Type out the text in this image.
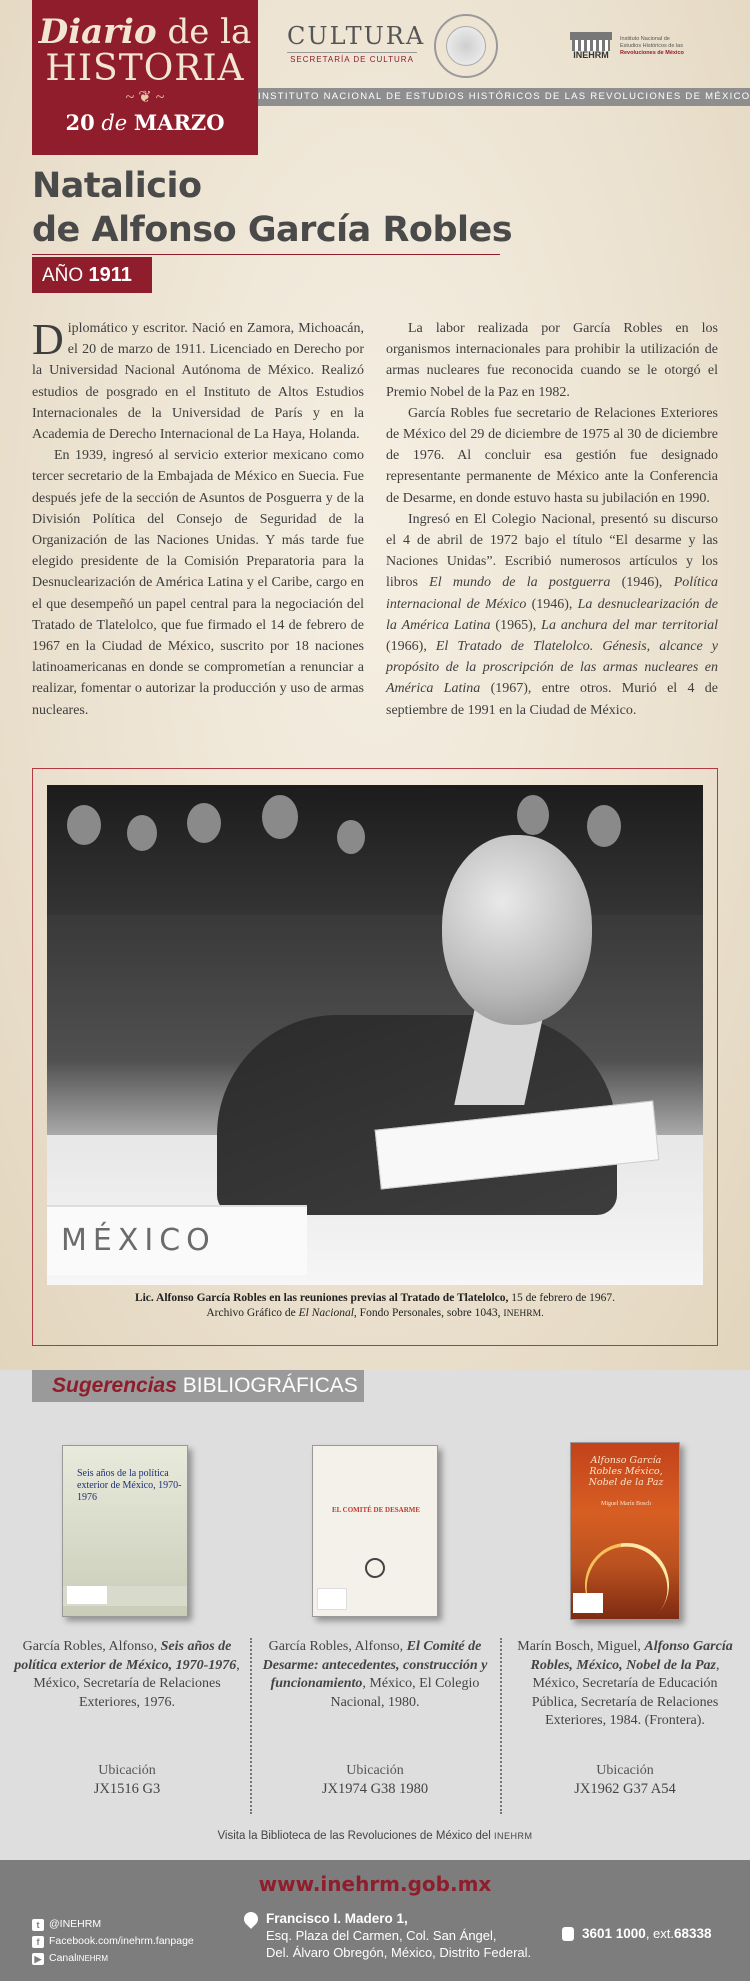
Diario de la
HISTORIA
~ ❦ ~
20 de MARZO
CULTURA
SECRETARÍA DE CULTURA	INEHRM
Instituto Nacional de
Estudios Históricos de las
Revoluciones de México
INSTITUTO NACIONAL DE ESTUDIOS HISTÓRICOS DE LAS REVOLUCIONES DE MÉXICO
Natalicio
de Alfonso García Robles
AÑO 1911

Diplomático y escritor. Nació en Zamora, Michoacán, el 20 de marzo de 1911. Licenciado en Derecho por la Universidad Nacional Autónoma de México. Realizó estudios de posgrado en el Instituto de Altos Estudios Internacionales de la Universidad de París y en la Academia de Derecho Internacional de La Haya, Holanda.

En 1939, ingresó al servicio exterior mexicano como tercer secretario de la Embajada de México en Suecia. Fue después jefe de la sección de Asuntos de Posguerra y de la División Política del Consejo de Seguridad de la Organización de las Naciones Unidas. Y más tarde fue elegido presidente de la Comisión Preparatoria para la Desnuclearización de América Latina y el Caribe, cargo en el que desempeñó un papel central para la negociación del Tratado de Tlatelolco, que fue firmado el 14 de febrero de 1967 en la Ciudad de México, suscrito por 18 naciones latinoamericanas en donde se comprometían a renunciar a realizar, fomentar o autorizar la producción y uso de armas nucleares.

La labor realizada por García Robles en los organismos internacionales para prohibir la utilización de armas nucleares fue reconocida cuando se le otorgó el Premio Nobel de la Paz en 1982.

García Robles fue secretario de Relaciones Exteriores de México del 29 de diciembre de 1975 al 30 de diciembre de 1976. Al concluir esa gestión fue designado representante permanente de México ante la Conferencia de Desarme, en donde estuvo hasta su jubilación en 1990.

Ingresó en El Colegio Nacional, presentó su discurso el 4 de abril de 1972 bajo el título “El desarme y las Naciones Unidas”. Escribió numerosos artículos y los libros El mundo de la postguerra (1946), Política internacional de México (1946), La desnuclearización de la América Latina (1965), La anchura del mar territorial (1966), El Tratado de Tlatelolco. Génesis, alcance y propósito de la proscripción de las armas nucleares en América Latina (1967), entre otros. Murió el 4 de septiembre de 1991 en la Ciudad de México.

MÉXICO
Lic. Alfonso García Robles en las reuniones previas al Tratado de Tlatelolco, 15 de febrero de 1967.
Archivo Gráfico de El Nacional, Fondo Personales, sobre 1043, INEHRM.
Sugerencias BIBLIOGRÁFICAS
Seis años de la política exterior de México, 1970-1976
EL COMITÉ DE DESARME
Alfonso García Robles México, Nobel de la Paz
Miguel Marín Bosch
García Robles, Alfonso, Seis años de política exterior de México, 1970-1976, México, Secretaría de Relaciones Exteriores, 1976.
García Robles, Alfonso, El Comité de Desarme: antecedentes, construcción y funcionamiento, México, El Colegio Nacional, 1980.
Marín Bosch, Miguel, Alfonso García Robles, México, Nobel de la Paz, México, Secretaría de Educación Pública, Secretaría de Relaciones Exteriores, 1984. (Frontera).
Ubicación
JX1516 G3
Ubicación
JX1974 G38 1980
Ubicación
JX1962 G37 A54
Visita la Biblioteca de las Revoluciones de México del INEHRM
www.inehrm.gob.mx
t @INEHRM
f Facebook.com/inehrm.fanpage
▶ Canal INEHRM
Francisco I. Madero 1,
Esq. Plaza del Carmen, Col. San Ángel,
Del. Álvaro Obregón, México, Distrito Federal.
3601 1000 , ext. 68338
